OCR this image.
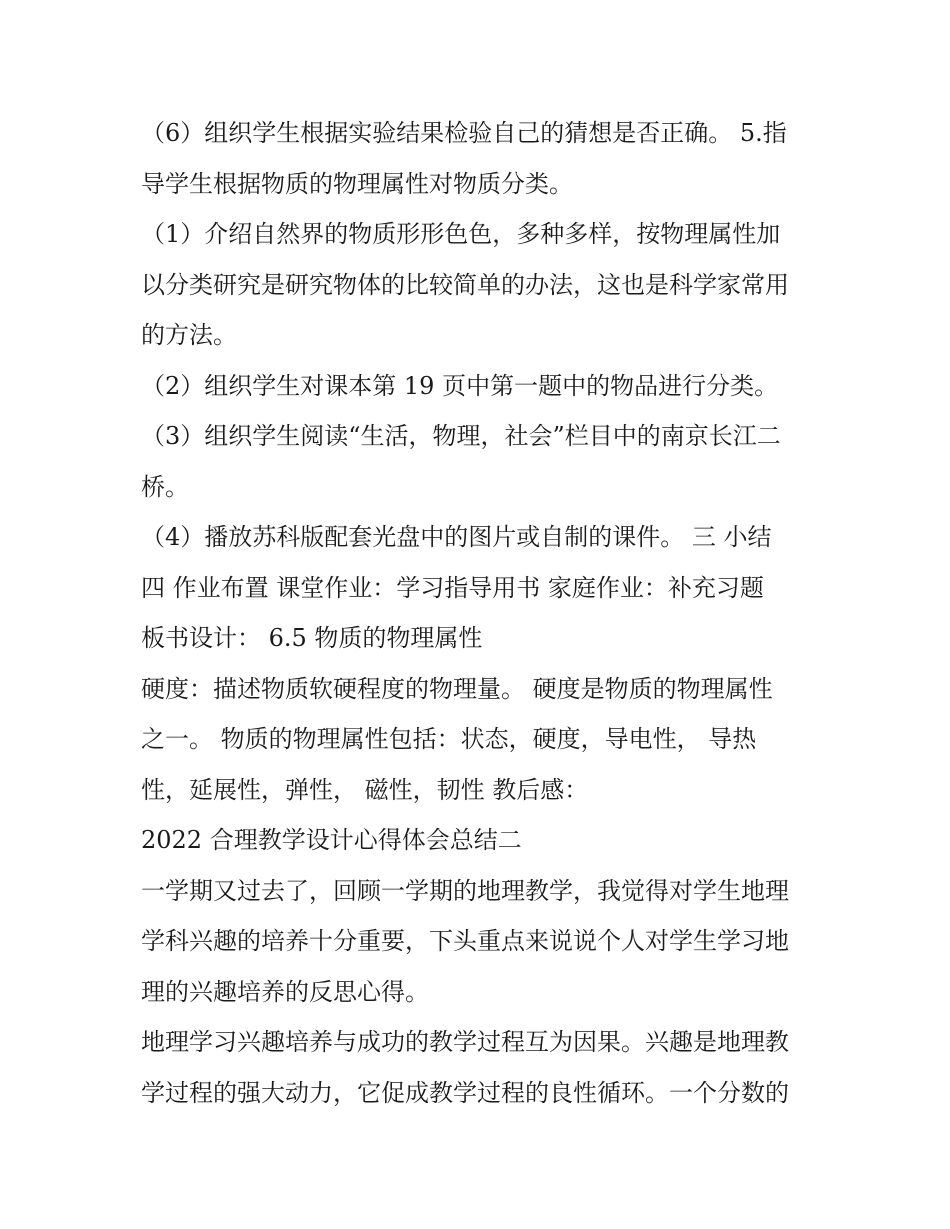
（6）组织学生根据实验结果检验自己的猜想是否正确。 5.指
导学生根据物质的物理属性对物质分类。
（1）介绍自然界的物质形形色色，多种多样，按物理属性加
以分类研究是研究物体的比较简单的办法，这也是科学家常用
的方法。
（2）组织学生对课本第 19 页中第一题中的物品进行分类。
（3）组织学生阅读“生活，物理，社会”栏目中的南京长江二
桥。
（4）播放苏科版配套光盘中的图片或自制的课件。 三 小结
四 作业布置 课堂作业：学习指导用书 家庭作业：补充习题
板书设计： 6.5 物质的物理属性
硬度：描述物质软硬程度的物理量。 硬度是物质的物理属性
之一。 物质的物理属性包括：状态，硬度，导电性， 导热
性，延展性，弹性， 磁性，韧性 教后感：
2022 合理教学设计心得体会总结二
一学期又过去了，回顾一学期的地理教学，我觉得对学生地理
学科兴趣的培养十分重要，下头重点来说说个人对学生学习地
理的兴趣培养的反思心得。
地理学习兴趣培养与成功的教学过程互为因果。兴趣是地理教
学过程的强大动力，它促成教学过程的良性循环。一个分数的
